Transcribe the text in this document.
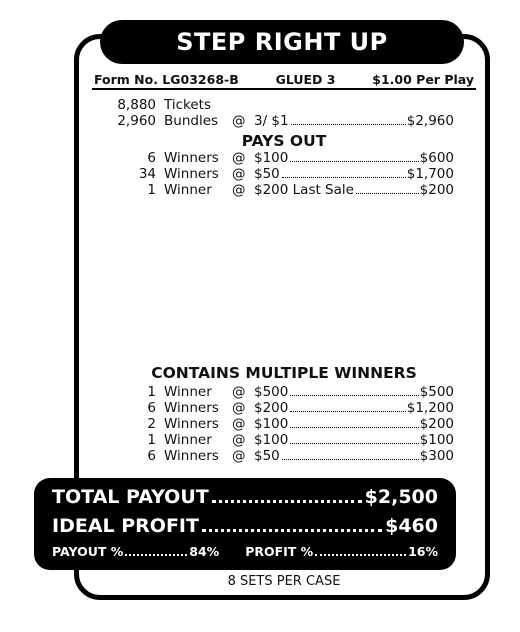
STEP RIGHT UP
Form No. LG03268-B	GLUED 3	$1.00 Per Play
8,880 Tickets
2,960 Bundles @ 3/ $1	$2,960
PAYS OUT
6 Winners @ $100	$600
34 Winners @ $50	$1,700
1 Winner @ $200 Last Sale	$200
CONTAINS MULTIPLE WINNERS
1 Winner @ $500	$500
6 Winners @ $200	$1,200
2 Winners @ $100	$200
1 Winner @ $100	$100
6 Winners @ $50	$300
TOTAL PAYOUT	$2,500
IDEAL PROFIT	$460
PAYOUT %	84% PROFIT %	16%
8 SETS PER CASE
